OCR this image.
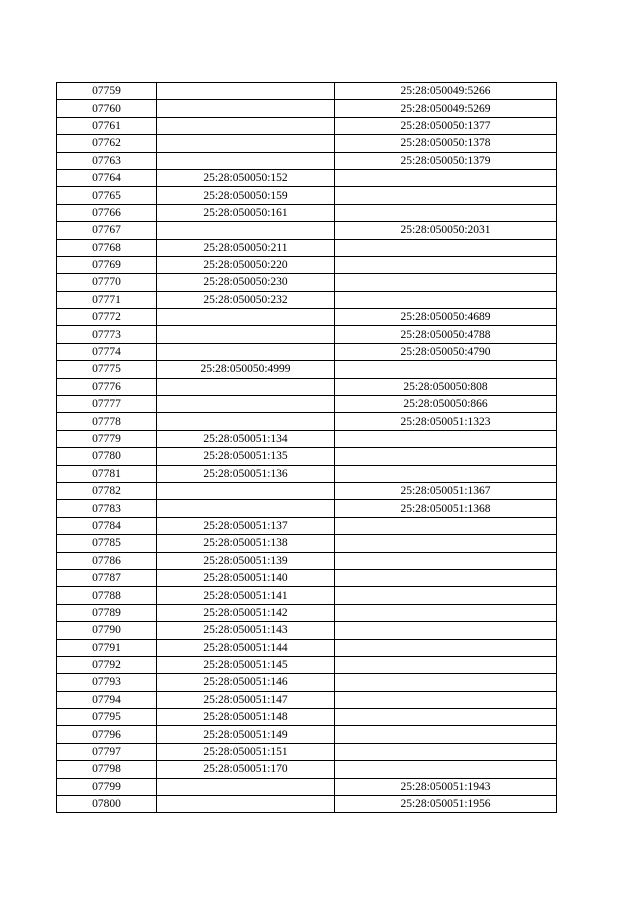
07759		25:28:050049:5266
07760		25:28:050049:5269
07761		25:28:050050:1377
07762		25:28:050050:1378
07763		25:28:050050:1379
07764	25:28:050050:152	
07765	25:28:050050:159	
07766	25:28:050050:161	
07767		25:28:050050:2031
07768	25:28:050050:211	
07769	25:28:050050:220	
07770	25:28:050050:230	
07771	25:28:050050:232	
07772		25:28:050050:4689
07773		25:28:050050:4788
07774		25:28:050050:4790
07775	25:28:050050:4999	
07776		25:28:050050:808
07777		25:28:050050:866
07778		25:28:050051:1323
07779	25:28:050051:134	
07780	25:28:050051:135	
07781	25:28:050051:136	
07782		25:28:050051:1367
07783		25:28:050051:1368
07784	25:28:050051:137	
07785	25:28:050051:138	
07786	25:28:050051:139	
07787	25:28:050051:140	
07788	25:28:050051:141	
07789	25:28:050051:142	
07790	25:28:050051:143	
07791	25:28:050051:144	
07792	25:28:050051:145	
07793	25:28:050051:146	
07794	25:28:050051:147	
07795	25:28:050051:148	
07796	25:28:050051:149	
07797	25:28:050051:151	
07798	25:28:050051:170	
07799		25:28:050051:1943
07800		25:28:050051:1956
